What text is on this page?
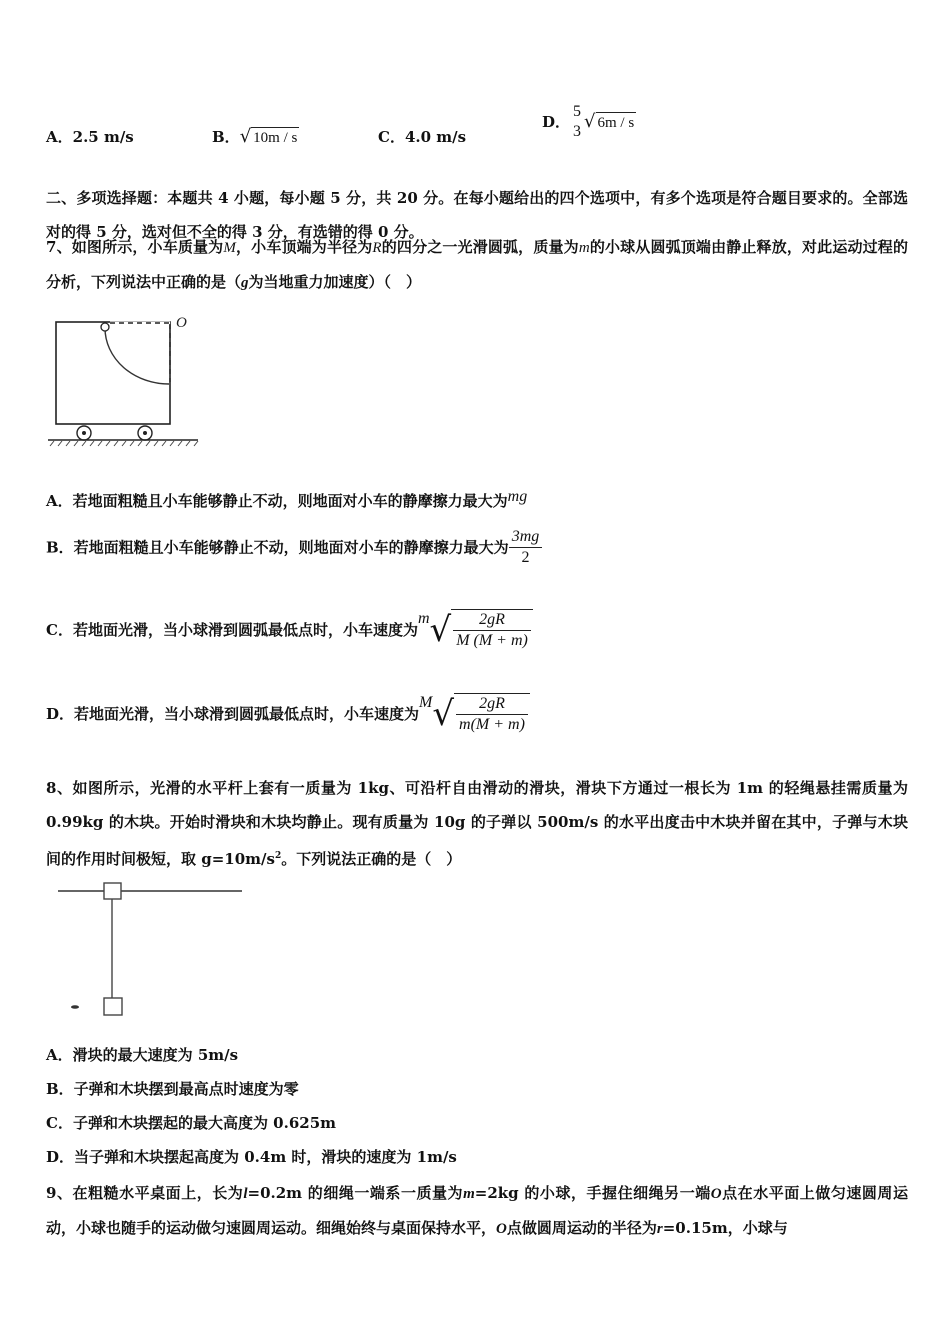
A．2.5 m/s	B．√ 10m / s	C．4.0 m/s
D．
5
3 √ 6m / s
二、多项选择题：本题共 4 小题，每小题 5 分，共 20 分。在每小题给出的四个选项中，有多个选项是符合题目要求的。全部选对的得 5 分，选对但不全的得 3 分，有选错的得 0 分。
7、如图所示，小车质量为M，小车顶端为半径为R的四分之一光滑圆弧，质量为m的小球从圆弧顶端由静止释放，对此运动过程的分析，下列说法中正确的是（g为当地重力加速度）（　）
O
A．若地面粗糙且小车能够静止不动，则地面对小车的静摩擦力最大为mg
B．若地面粗糙且小车能够静止不动，则地面对小车的静摩擦力最大为 $\frac{3mg}{2}$
C．若地面光滑，当小球滑到圆弧最低点时，小车速度为$m√ \frac{2gR}{M (M + m)}$
D．若地面光滑，当小球滑到圆弧最低点时，小车速度为$M√ \frac{2gR}{m(M + m)}$
8、如图所示，光滑的水平杆上套有一质量为 1kg、可沿杆自由滑动的滑块，滑块下方通过一根长为 1m 的轻绳悬挂需质量为 0.99kg 的木块。开始时滑块和木块均静止。现有质量为 10g 的子弹以 500m/s 的水平出度击中木块并留在其中，子弹与木块间的作用时间极短，取 $g=10m/s^2$。下列说法正确的是（　）
A．滑块的最大速度为 5m/s
B．子弹和木块摆到最高点时速度为零
C．子弹和木块摆起的最大高度为 0.625m
D．当子弹和木块摆起高度为 0.4m 时，滑块的速度为 1m/s
9、在粗糙水平桌面上，长为l=0.2m 的细绳一端系一质量为m=2kg 的小球，手握住细绳另一端O点在水平面上做匀速圆周运动，小球也随手的运动做匀速圆周运动。细绳始终与桌面保持水平，O点做圆周运动的半径为r=0.15m，小球与
